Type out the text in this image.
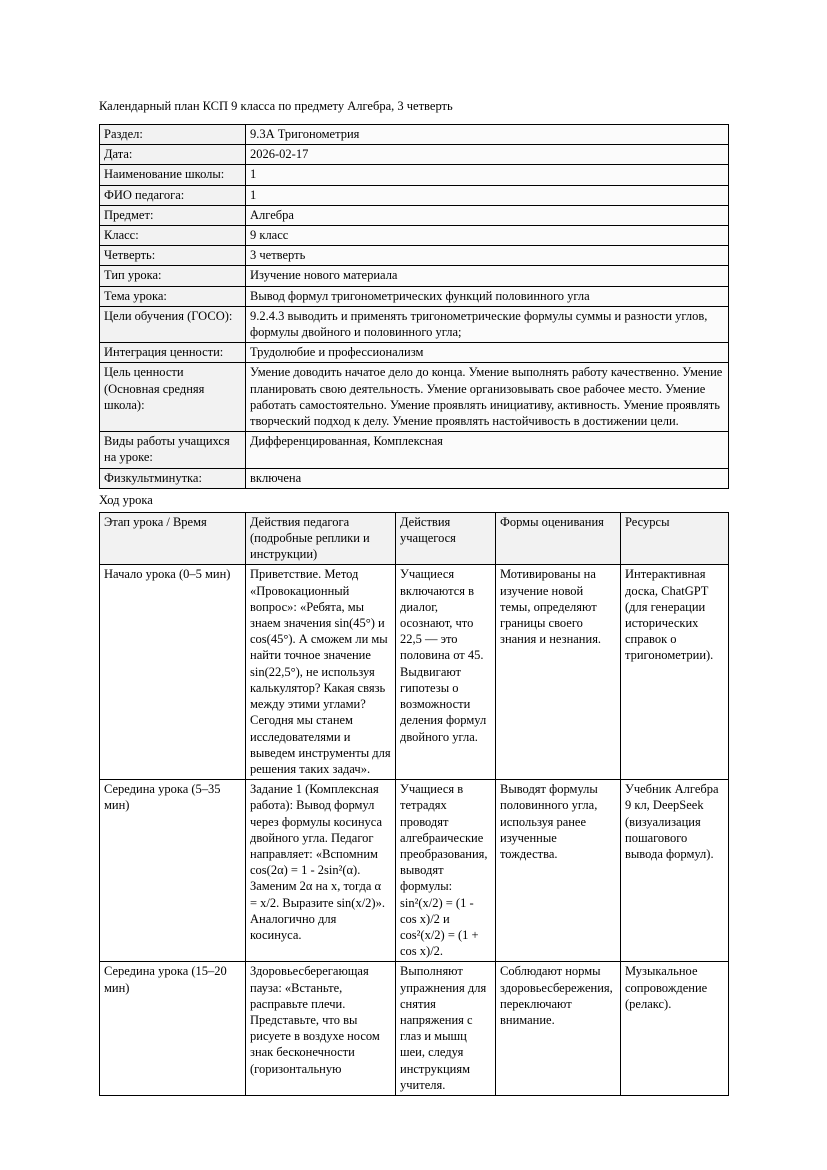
Календарный план КСП 9 класса по предмету Алгебра, 3 четверть

Раздел:	9.3А Тригонометрия
Дата:	2026-02-17
Наименование школы:	1
ФИО педагога:	1
Предмет:	Алгебра
Класс:	9 класс
Четверть:	3 четверть
Тип урока:	Изучение нового материала
Тема урока:	Вывод формул тригонометрических функций половинного угла
Цели обучения (ГОСО):	9.2.4.3 выводить и применять тригонометрические формулы суммы и разности углов, формулы двойного и половинного угла;
Интеграция ценности:	Трудолюбие и профессионализм
Цель ценности (Основная средняя школа):	Умение доводить начатое дело до конца. Умение выполнять работу качественно. Умение планировать свою деятельность. Умение организовывать свое рабочее место. Умение работать самостоятельно. Умение проявлять инициативу, активность. Умение проявлять творческий подход к делу. Умение проявлять настойчивость в достижении цели.
Виды работы учащихся на уроке:	Дифференцированная, Комплексная
Физкультминутка:	включена

Ход урока

Этап урока / Время	Действия педагога (подробные реплики и инструкции)	Действия учащегося	Формы оценивания	Ресурсы
Начало урока (0–5 мин)	Приветствие. Метод «Провокационный вопрос»: «Ребята, мы знаем значения sin(45°) и cos(45°). А сможем ли мы найти точное значение sin(22,5°), не используя калькулятор? Какая связь между этими углами? Сегодня мы станем исследователями и выведем инструменты для решения таких задач».	Учащиеся включаются в диалог, осознают, что 22,5 — это половина от 45. Выдвигают гипотезы о возможности деления формул двойного угла.	Мотивированы на изучение новой темы, определяют границы своего знания и незнания.	Интерактивная доска, ChatGPT (для генерации исторических справок о тригонометрии).
Середина урока (5–35 мин)	Задание 1 (Комплексная работа): Вывод формул через формулы косинуса двойного угла. Педагог направляет: «Вспомним cos(2α) = 1 - 2sin²(α). Заменим 2α на x, тогда α = x/2. Выразите sin(x/2)». Аналогично для косинуса.	Учащиеся в тетрадях проводят алгебраические преобразования, выводят формулы: sin²(x/2) = (1 - cos x)/2 и cos²(x/2) = (1 + cos x)/2.	Выводят формулы половинного угла, используя ранее изученные тождества.	Учебник Алгебра 9 кл, DeepSeek (визуализация пошагового вывода формул).
Середина урока (15–20 мин)	Здоровьесберегающая пауза: «Встаньте, расправьте плечи. Представьте, что вы рисуете в воздухе носом знак бесконечности (горизонтальную	Выполняют упражнения для снятия напряжения с глаз и мышц шеи, следуя инструкциям учителя.	Соблюдают нормы здоровьесбережения, переключают внимание.	Музыкальное сопровождение (релакс).
